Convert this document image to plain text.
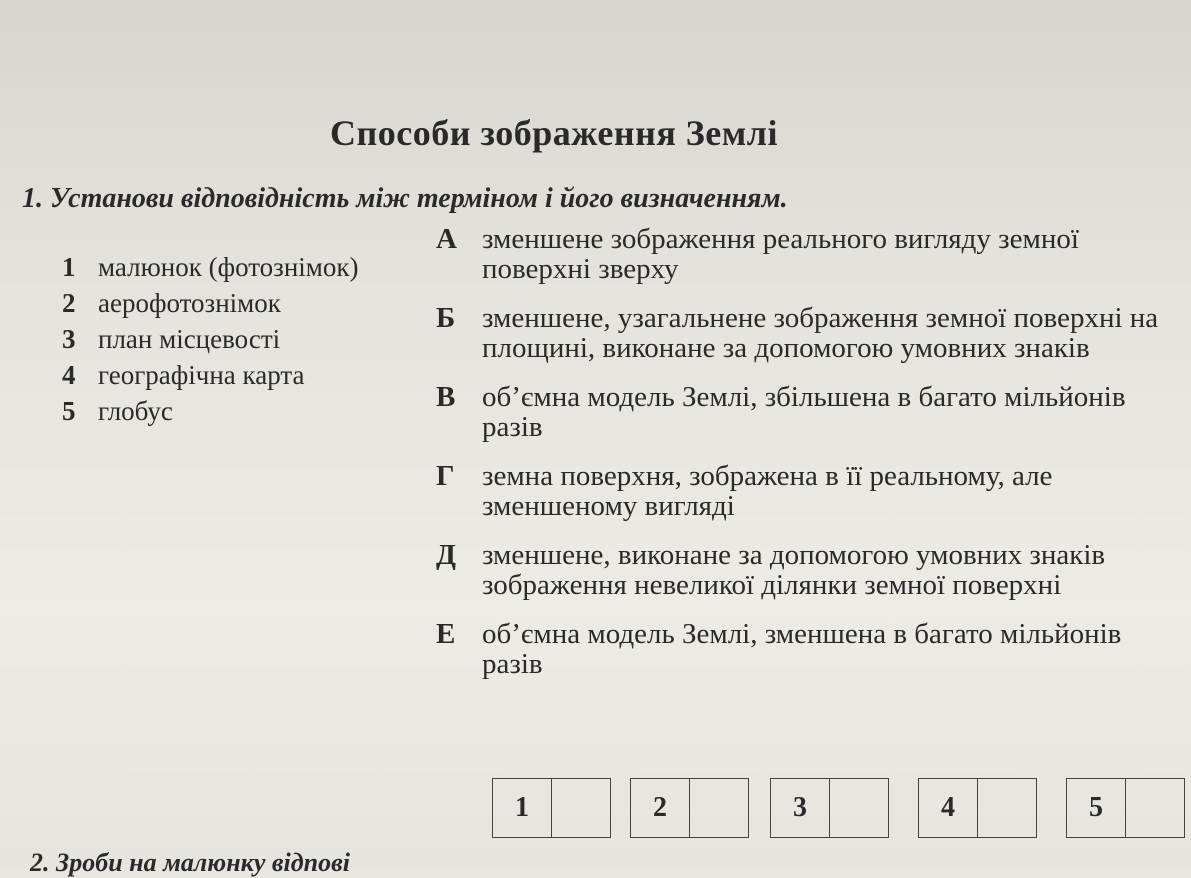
Способи зображення Землі
1. Установи відповідність між терміном і його визначенням.
1 малюнок (фотознімок)
2 аерофотознімок
3 план місцевості
4 географічна карта
5 глобус
А зменшене зображення реального вигляду земної поверхні зверху
Б зменшене, узагальнене зображення земної поверхні на площині, виконане за допомогою умовних знаків
В об’ємна модель Землі, збільшена в багато мільйонів разів
Г земна поверхня, зображена в її реальному, але зменшеному вигляді
Д зменшене, виконане за допомогою умовних знаків зображення невеликої ділянки земної поверхні
Е об’ємна модель Землі, зменшена в багато мільйонів разів
1	2	3	4	5
2. Зроби на малюнку відпові
